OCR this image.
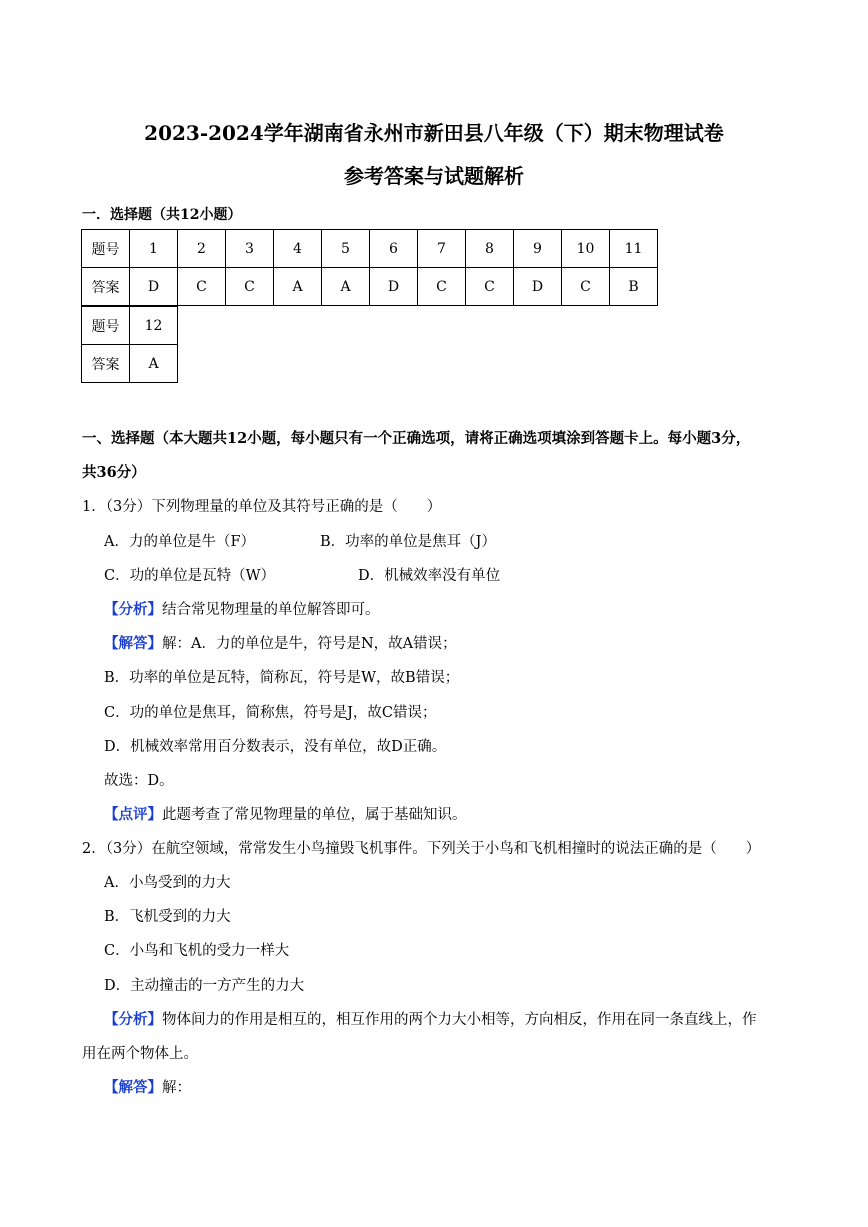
2023-2024学年湖南省永州市新田县八年级（下）期末物理试卷
参考答案与试题解析
一．选择题（共12小题）
题号	1	2	3	4	5	6	7	8	9	10	11
答案	D	C	C	A	A	D	C	C	D	C	B
题号	12
答案	A
一、选择题（本大题共12小题，每小题只有一个正确选项，请将正确选项填涂到答题卡上。每小题3分，
共36分）
1．（3分）下列物理量的单位及其符号正确的是（　　）
A．力的单位是牛（F）	B．功率的单位是焦耳（J）
C．功的单位是瓦特（W）	D．机械效率没有单位
【分析】结合常见物理量的单位解答即可。
【解答】解：A．力的单位是牛，符号是N，故A错误；
B．功率的单位是瓦特，简称瓦，符号是W，故B错误；
C．功的单位是焦耳，简称焦，符号是J，故C错误；
D．机械效率常用百分数表示，没有单位，故D正确。
故选：D。
【点评】此题考查了常见物理量的单位，属于基础知识。
2．（3分）在航空领域，常常发生小鸟撞毁飞机事件。下列关于小鸟和飞机相撞时的说法正确的是（　　）
A．小鸟受到的力大
B．飞机受到的力大
C．小鸟和飞机的受力一样大
D．主动撞击的一方产生的力大
【分析】物体间力的作用是相互的，相互作用的两个力大小相等，方向相反，作用在同一条直线上，作
用在两个物体上。
【解答】解：
